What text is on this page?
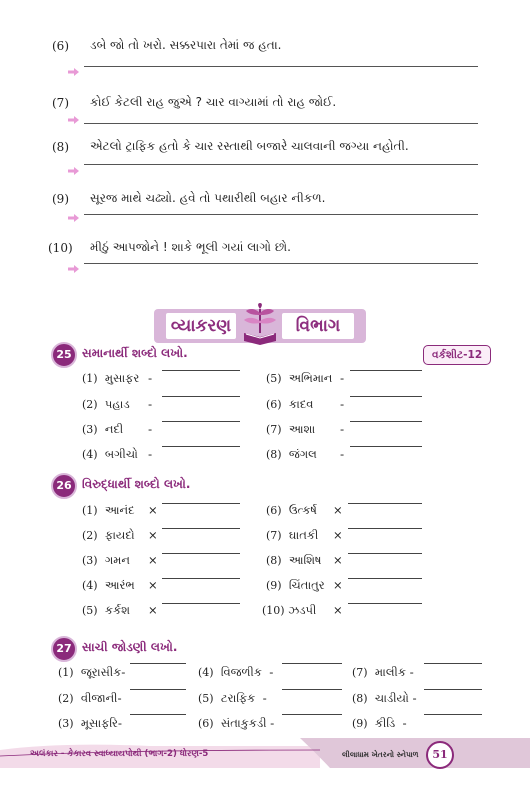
(6) ડબે જો તો ખરો. સક્કરપારા તેમાં જ હતા.
(7) કોઈ કેટલી રાહ જુએ ? ચાર વાગ્યામાં તો રાહ જોઈ.
(8) એટલો ટ્રાફિક હતો કે ચાર રસ્તાથી બજારે ચાલવાની જગ્યા નહોતી.
(9) સૂરજ માથે ચઢ્યો. હવે તો પથારીથી બહાર નીકળ.
(10) મીઠું આપજોને ! શાકે ભૂલી ગયાં લાગો છો.
વ્યાકરણ	વિભાગ
25 સમાનાર્થી શબ્દો લખો.	વર્કશીટ-12
(1) મુસાફર -
(2) પહાડ -
(3) નદી -
(4) બગીચો -
(5) અભિમાન -
(6) કાદવ -
(7) આશા -
(8) જંગલ -
26 વિરુદ્ધાર્થી શબ્દો લખો.
(1) આનંદ ×
(2) ફાયદો ×
(3) ગમન ×
(4) આરંભ ×
(5) કર્કશ ×
(6) ઉત્કર્ષ ×
(7) ઘાતકી ×
(8) આશિષ ×
(9) ચિંતાતુર ×
(10) ઝડપી ×
27 સાચી જોડણી લખો.
(1) જૂરાસીક-	(4) વિજળીક  -	(7) માલીક -
(2) વીજાની-	(5) ટરાફિક  -	(8) ચાડીયો -
(3) મૂસાફરિ-	(6) સંતાકુકડી -	(9) કીડિ  -
અલંકાર - કેકારવ સ્વાધ્યાયપોથી (ભાગ-2) ધોરણ-5	લીલાધામ ખેતરનો સ્નેપાળ	51
